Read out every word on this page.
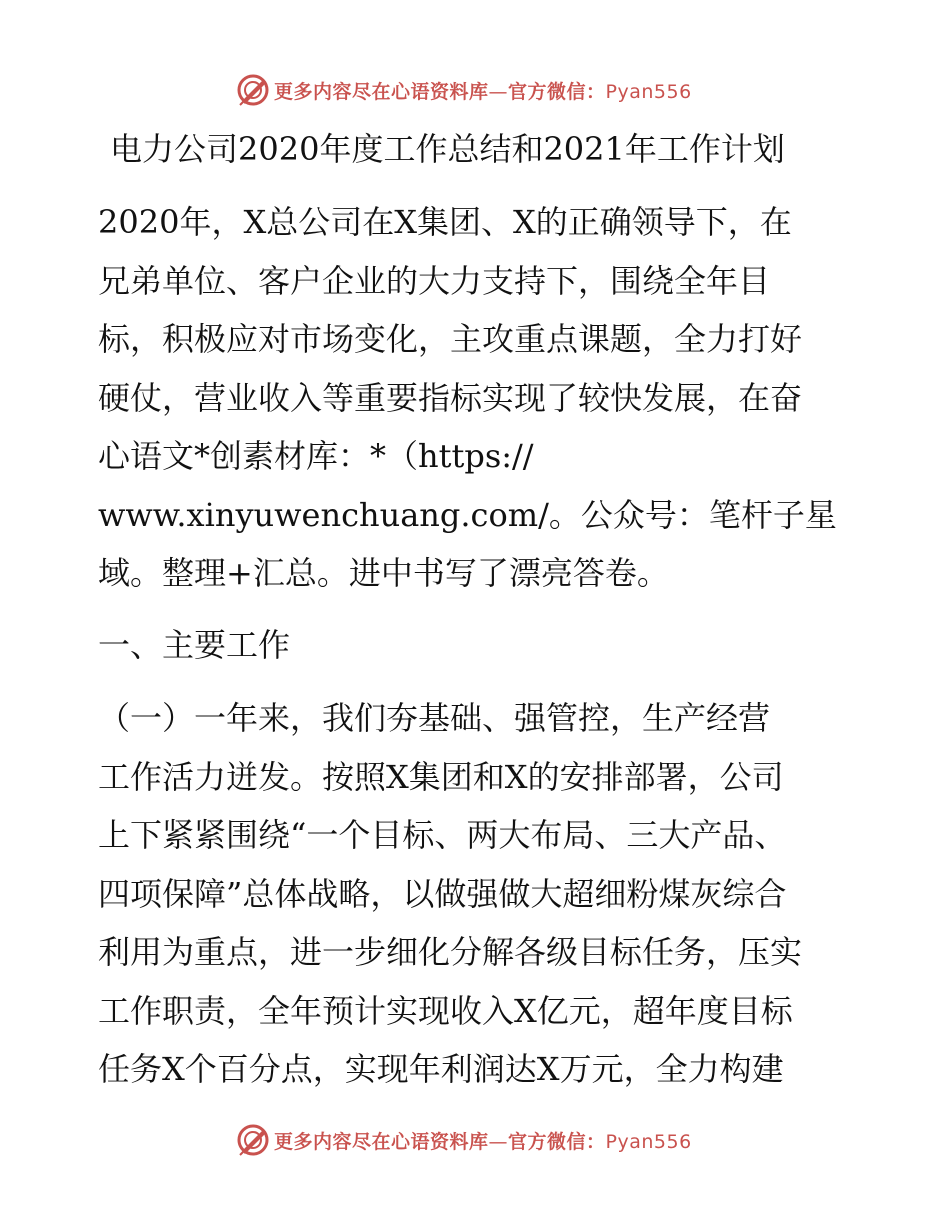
更多内容尽在心语资料库—官方微信：Pyan556
电力公司2020年度工作总结和2021年工作计划

2020年，X总公司在X集团、X的正确领导下，在
兄弟单位、客户企业的大力支持下，围绕全年目
标，积极应对市场变化，主攻重点课题，全力打好
硬仗，营业收入等重要指标实现了较快发展，在奋
心语文*创素材库：*（https://
www.xinyuwenchuang.com/。公众号：笔杆子星
域。整理+汇总。进中书写了漂亮答卷。

一、主要工作

（一）一年来，我们夯基础、强管控，生产经营
工作活力迸发。按照X集团和X的安排部署，公司
上下紧紧围绕“一个目标、两大布局、三大产品、
四项保障”总体战略，以做强做大超细粉煤灰综合
利用为重点，进一步细化分解各级目标任务，压实
工作职责，全年预计实现收入X亿元，超年度目标
任务X个百分点，实现年利润达X万元，全力构建

更多内容尽在心语资料库—官方微信：Pyan556
